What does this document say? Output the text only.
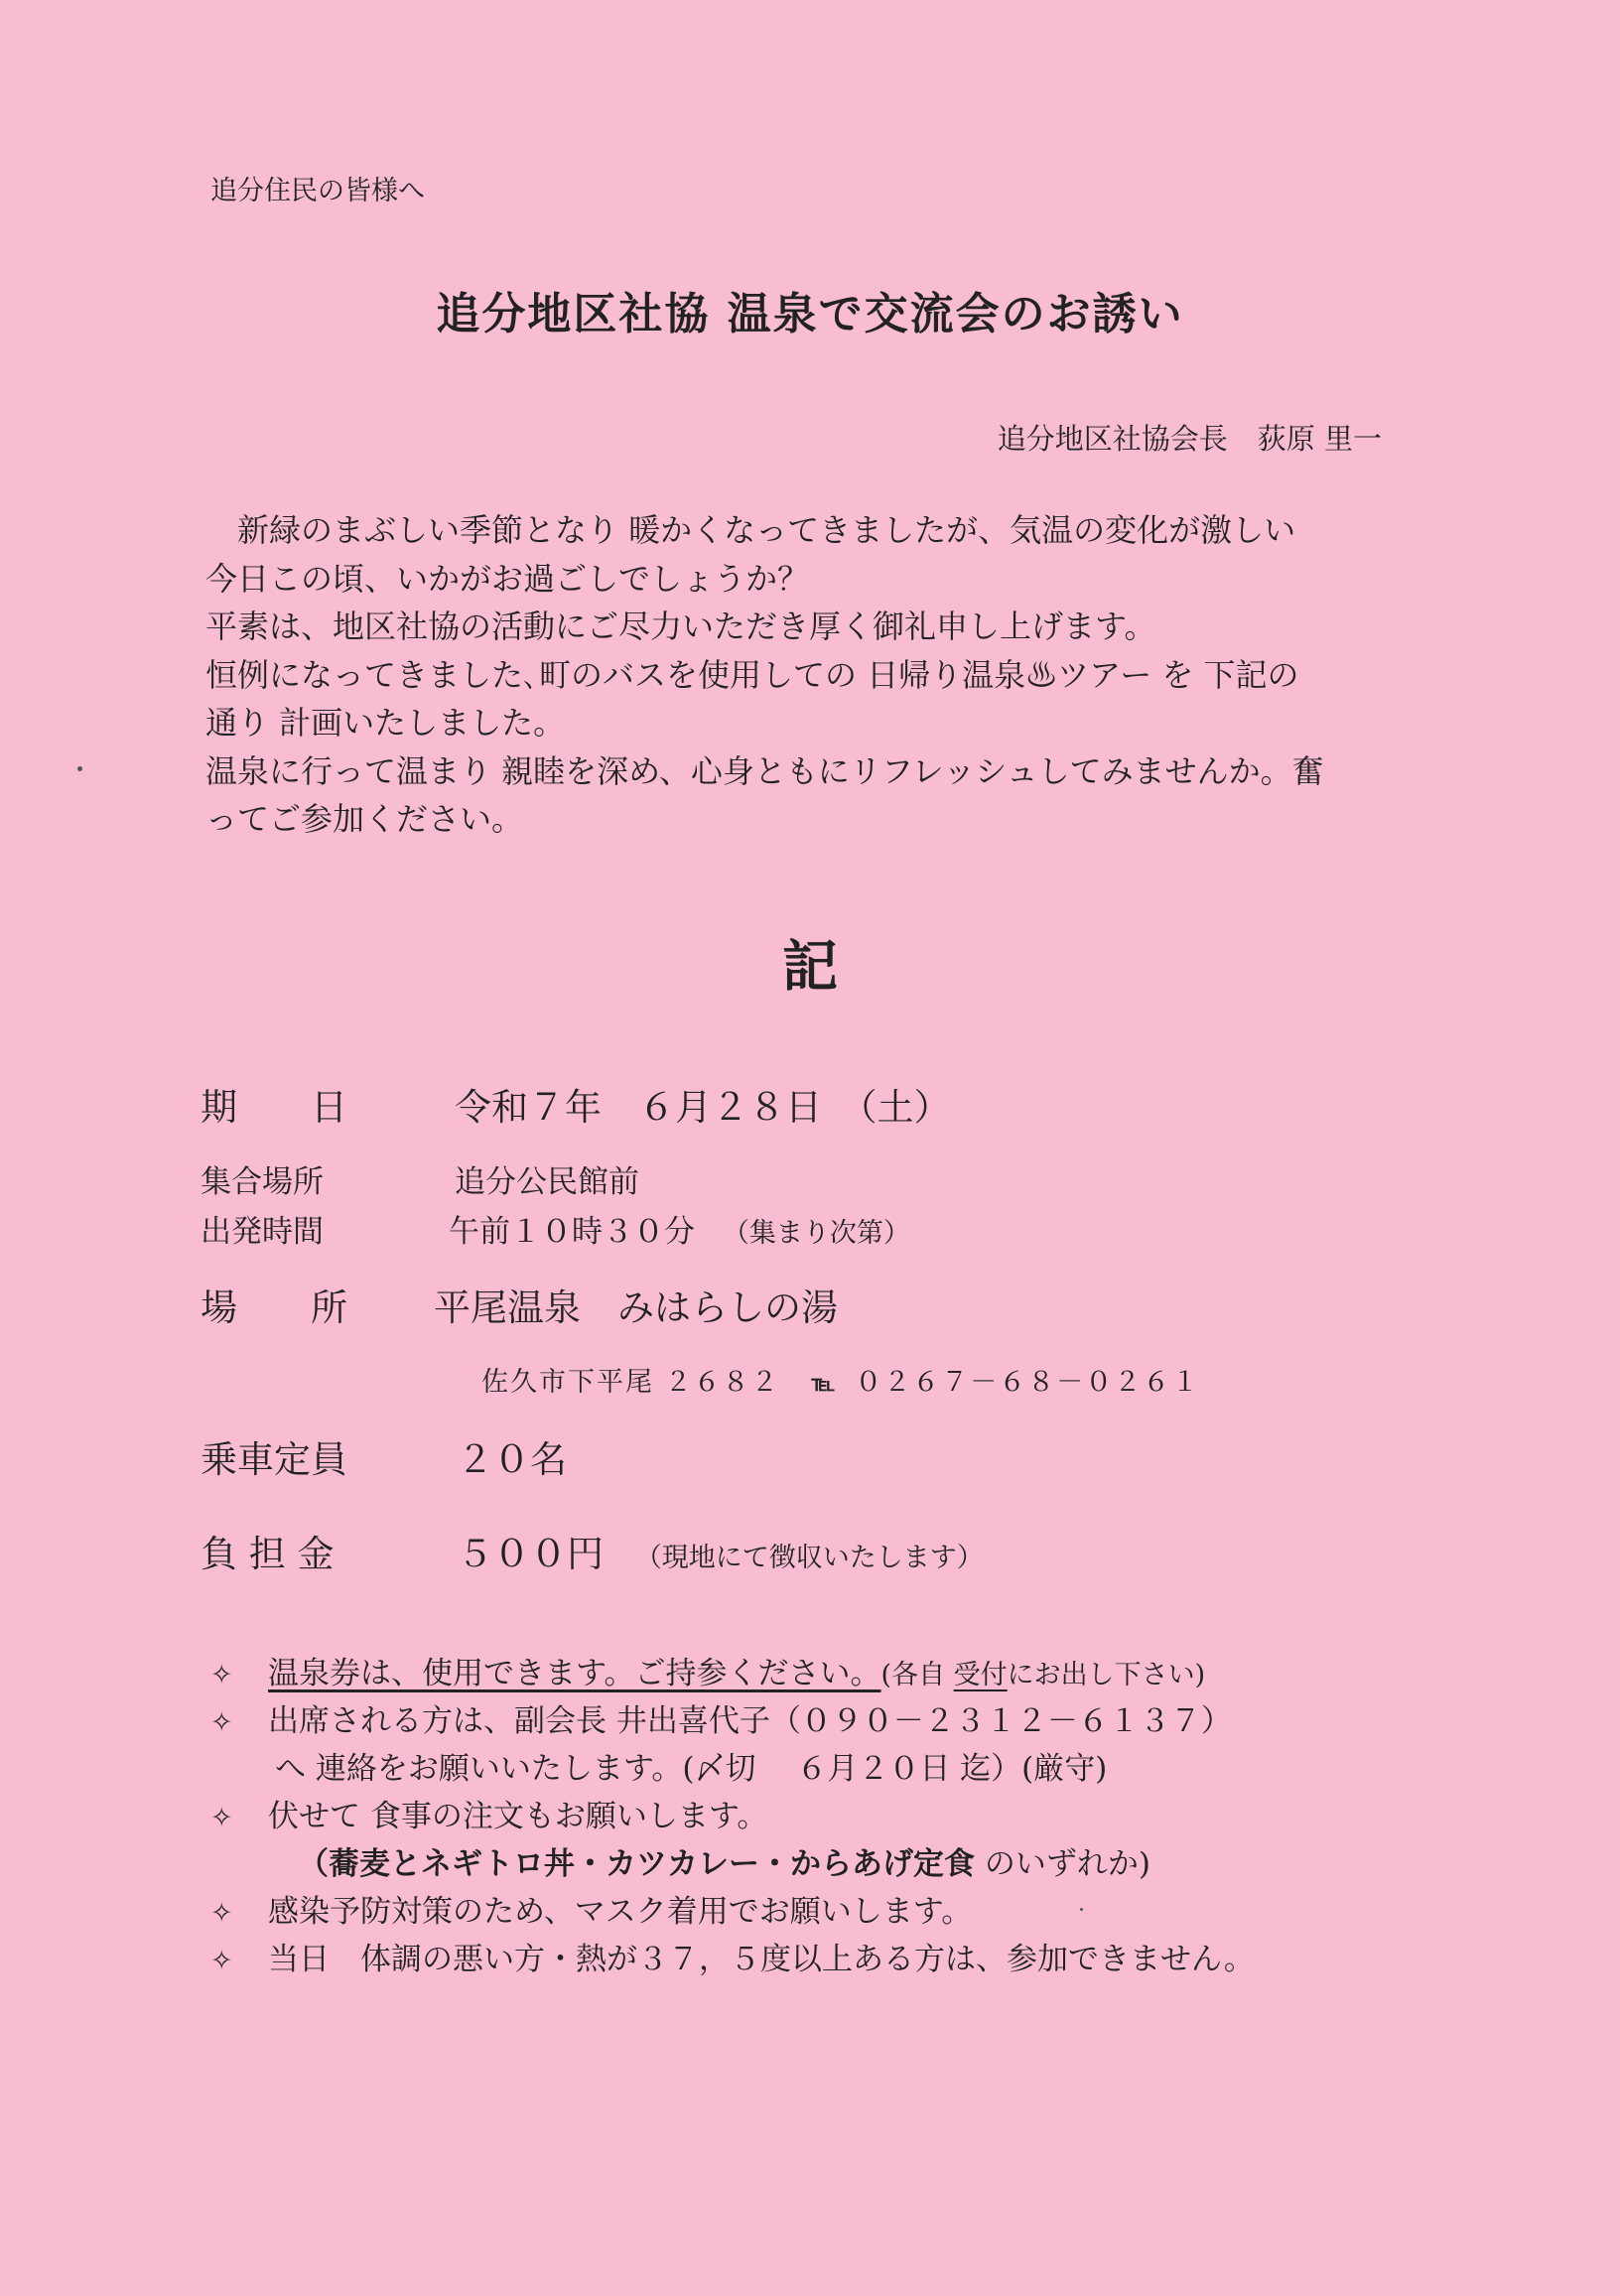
追分住民の皆様へ
追分地区社協 温泉で交流会のお誘い
追分地区社協会長 荻原 里一
新緑のまぶしい季節となり 暖かくなってきましたが、気温の変化が激しい
今日この頃、いかがお過ごしでしょうか？
平素は、地区社協の活動にご尽力いただき厚く御礼申し上げます。
恒例になってきました､町のバスを使用しての 日帰り温泉♨ツアー を 下記の
通り 計画いたしました。
温泉に行って温まり 親睦を深め、心身ともにリフレッシュしてみませんか。奮
ってご参加ください。
記
期　　日	令和７年　６月２８日　（土）
集合場所	追分公民館前
出発時間	午前１０時３０分 （集まり次第）
場　　所 平尾温泉　みはらしの湯
佐久市下平尾 ２６８２ ℡ ０２６７－６８－０２６１
乗車定員	２０名
負 担 金	５００円 （現地にて徴収いたします）
✧ 温泉券は、使用できます。ご持参ください。(各自 受付にお出し下さい)
✧ 出席される方は、副会長 井出喜代子（０９０－２３１２－６１３７）
へ 連絡をお願いいたします。(〆切　 ６月２０日 迄）(厳守)
✧ 伏せて 食事の注文もお願いします。
（蕎麦とネギトロ丼・カツカレー・からあげ定食 のいずれか)
✧ 感染予防対策のため、マスク着用でお願いします。
✧ 当日　体調の悪い方・熱が３７，５度以上ある方は、参加できません。
